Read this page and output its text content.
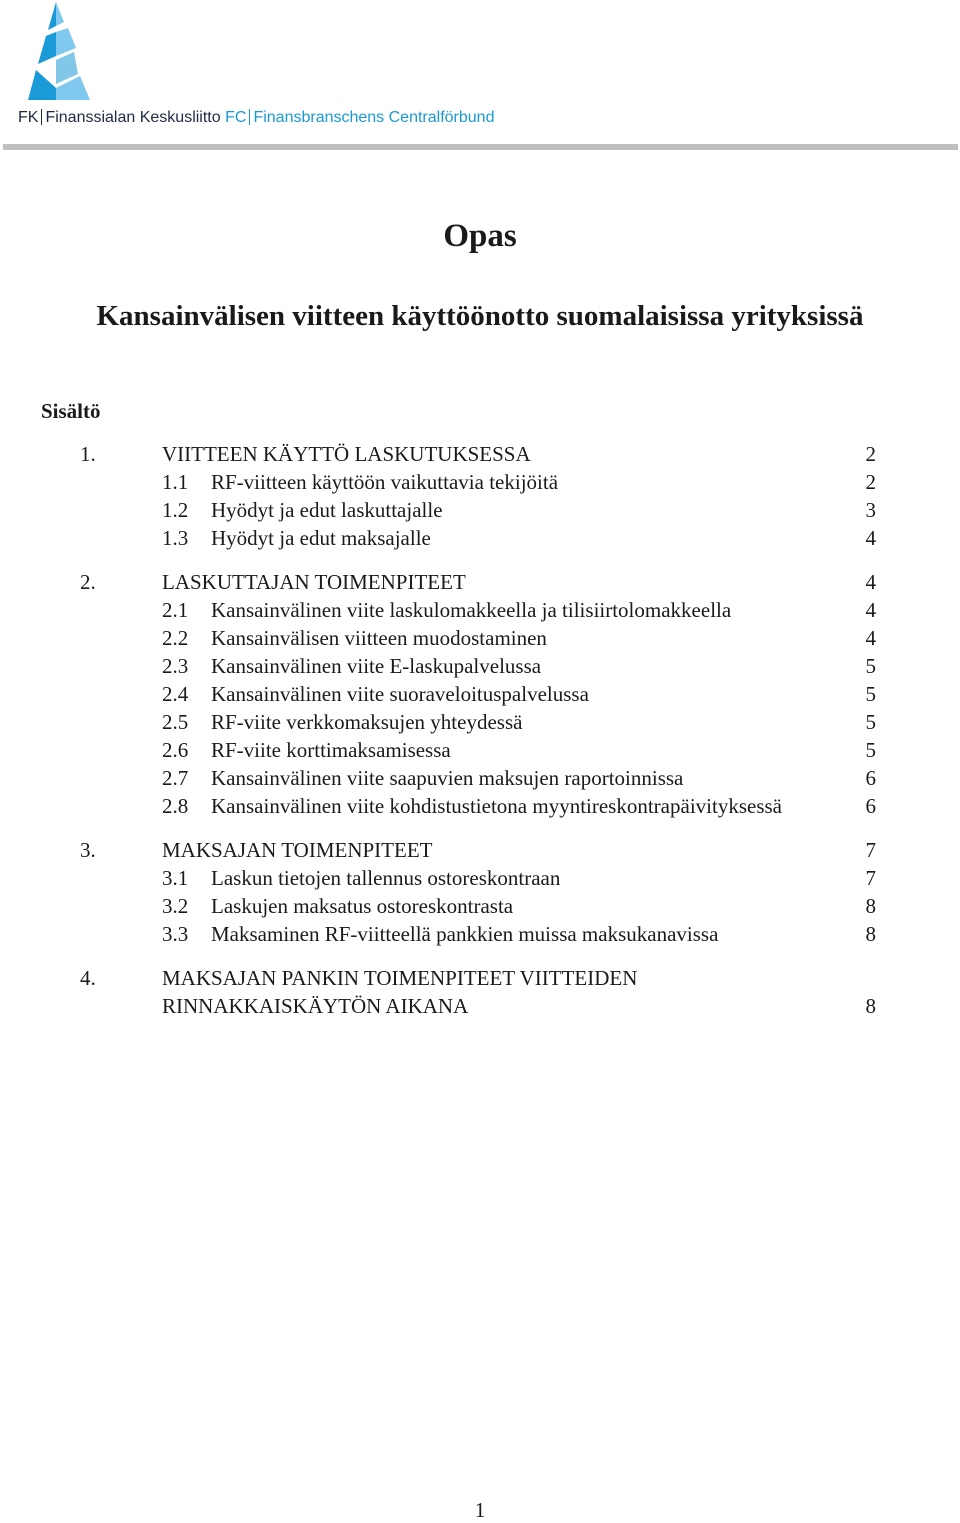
FK Finanssialan Keskusliitto FC Finansbranschens Centralförbund
Opas
Kansainvälisen viitteen käyttöönotto suomalaisissa yrityksissä
Sisältö
1.	VIITTEEN KÄYTTÖ LASKUTUKSESSA	2
1.1 RF-viitteen käyttöön vaikuttavia tekijöitä	2
1.2 Hyödyt ja edut laskuttajalle	3
1.3 Hyödyt ja edut maksajalle	4
2.	LASKUTTAJAN TOIMENPITEET	4
2.1 Kansainvälinen viite laskulomakkeella ja tilisiirtolomakkeella	4
2.2 Kansainvälisen viitteen muodostaminen	4
2.3 Kansainvälinen viite E-laskupalvelussa	5
2.4 Kansainvälinen viite suoraveloituspalvelussa	5
2.5 RF-viite verkkomaksujen yhteydessä	5
2.6 RF-viite korttimaksamisessa	5
2.7 Kansainvälinen viite saapuvien maksujen raportoinnissa	6
2.8 Kansainvälinen viite kohdistustietona myyntireskontrapäivityksessä	6
3.	MAKSAJAN TOIMENPITEET	7
3.1 Laskun tietojen tallennus ostoreskontraan	7
3.2 Laskujen maksatus ostoreskontrasta	8
3.3 Maksaminen RF-viitteellä pankkien muissa maksukanavissa	8
4.	MAKSAJAN PANKIN TOIMENPITEET VIITTEIDEN
RINNAKKAISKÄYTÖN AIKANA	8
1
